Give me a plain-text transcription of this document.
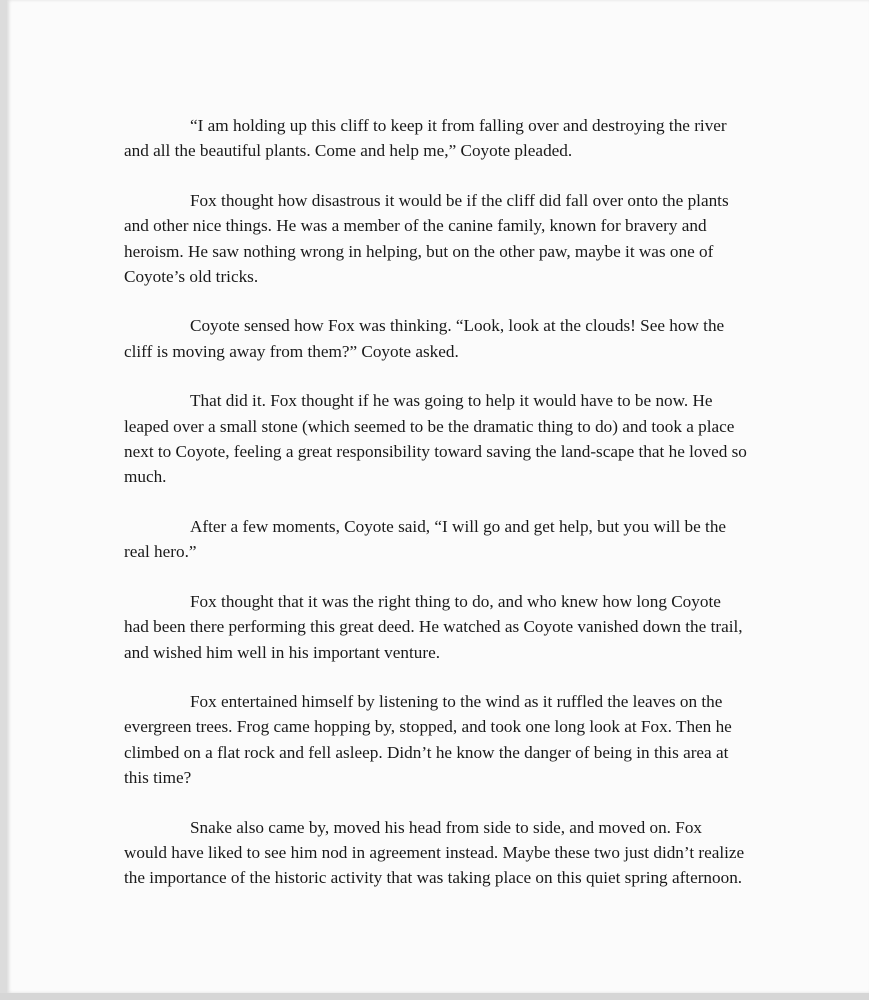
“I am holding up this cliff to keep it from falling over and destroying the river and all the beautiful plants. Come and help me,” Coyote pleaded.

Fox thought how disastrous it would be if the cliff did fall over onto the plants and other nice things. He was a member of the canine family, known for bravery and heroism. He saw nothing wrong in helping, but on the other paw, maybe it was one of Coyote’s old tricks.

Coyote sensed how Fox was thinking. “Look, look at the clouds! See how the cliff is moving away from them?” Coyote asked.

That did it. Fox thought if he was going to help it would have to be now. He leaped over a small stone (which seemed to be the dramatic thing to do) and took a place next to Coyote, feeling a great responsibility toward saving the land-scape that he loved so much.

After a few moments, Coyote said, “I will go and get help, but you will be the real hero.”

Fox thought that it was the right thing to do, and who knew how long Coyote had been there performing this great deed. He watched as Coyote vanished down the trail, and wished him well in his important venture.

Fox entertained himself by listening to the wind as it ruffled the leaves on the evergreen trees. Frog came hopping by, stopped, and took one long look at Fox. Then he climbed on a flat rock and fell asleep. Didn’t he know the danger of being in this area at this time?

Snake also came by, moved his head from side to side, and moved on. Fox would have liked to see him nod in agreement instead. Maybe these two just didn’t realize the importance of the historic activity that was taking place on this quiet spring afternoon.
